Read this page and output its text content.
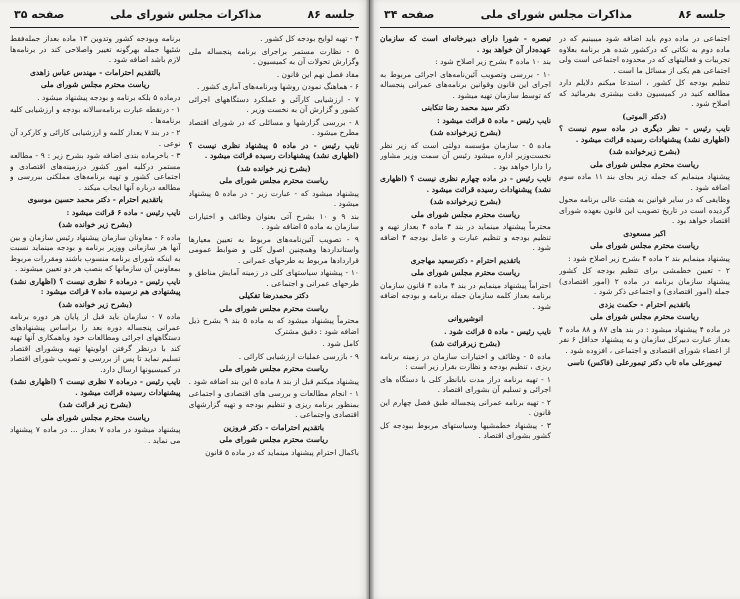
جلسه ۸۶
مذاکرات مجلس شورای ملی
صفحه ۳۵

۴ - تهیه لوایح بودجه کل کشور .

۵ - نظارت مستمر براجرای برنامه پنجساله ملی وگزارش تحولات آن به کمیسیون .

مفاد فصل نهم این قانون .

۶ - هماهنگ نمودن روشها وبرنامه‌های آماری کشور .

۷ - ارزشیابی کارآئی و عملکرد دستگاههای اجرائی کشور و گزارش آن به نخست وزیر .

۸ - بررسی گزارشها و مسائلی که در شورای اقتصاد مطرح میشود .

نایب رئیس - در ماده ۵ پیشنهاد نظری نیست ؟ (اظهاری نشد) پیشنهادات رسیده قرائت میشود .

(بشرح زیر خوانده شد)

ریاست محترم مجلس شورای ملی

پیشنهاد میشود که - عبارت زیر - در ماده ۵ پیشنهاد میشود .

بند ۹ و ۱۰ بشرح آتی بعنوان وظائف و اختیارات سازمان به ماده ۵ اضافه شود .

۹ - تصویب آئین‌نامه‌های مربوط به تعیین معیارها واستانداردها وهمچنین اصول کلی و ضوابط عمومی قراردادها مربوط به طرحهای عمرانی .

۱۰ - پیشنهاد سیاستهای کلی در زمینه آمایش مناطق و طرحهای عمرانی و اجتماعی .

دکتر محمدرضا تفکیلی

ریاست محترم مجلس شورای ملی

محترماً پیشنهاد میشود که به ماده ۵ بند ۹ بشرح ذیل اضافه شود : دقیق مشترک

کامل شود .

۹ - بازرسی عملیات ارزشیابی کارائی .

ریاست محترم مجلس شورای ملی

پیشنهاد میکنم قبل از بند ۸ ماده ۵ این بند اضافه شود .

۱ - انجام مطالعات و بررسی های اقتصادی و اجتماعی بمنظور برنامه ریزی و تنظیم بودجه و تهیه گزارشهای اقتصادی واجتماعی .

باتقدیم احترامات - دکتر فروزین

ریاست محترم مجلس شورای ملی

باکمال احترام پیشنهاد مینماید که در ماده ۵ قانون

برنامه وبودجه کشور وتدوین ۱۳ ماده بعداز جمله‌فقط شئیها جمله بهرگونه تغییر واصلاحی کند در برنامه‌ها لازم باشد اضافه شود .

بالتقدیم احترامات - مهندس عباس زاهدی

ریاست محترم مجلس شورای ملی

درماده ۵ بلکه برنامه و بودجه پیشنهاد میشود .

۱ - درنقطه عبارت برنامه‌سالانه بودجه و ارزشیابی کلیه برنامه‌ها .

۲ - در بند ۷ بعداز کلمه و ارزشیابی کارائی و کارکرد آن نوعی .

۳ - باخرماده بندی اضافه شود بشرح زیر : ۹ - مطالعه مستمر درکلیه امور کشور درزمینه‌های اقتصادی و اجتماعی کشور و تهیه برنامه‌های مملکتی ببررسی و مطالعه درباره آنها ایجاب میکند .

باتقدیم احترام - دکتر محمد حسین موسوی

نایب رئیس - ماده ۶ قرائت میشود :

(بشرح زیر خوانده شد)

ماده ۶ - معاونان سازمان پیشنهاد رئیس سازمان و بین آنها هر سازمانی ووزیر برنامه و بودجه مینماید نسبت به اینکه شورای برنامه منسوب باشند ومقررات مربوط بمعاونین آن سازمانها که بنصب هر دو تعیین میشوند .

نایب رئیس - درماده ۶ نظری نیست ؟ (اظهاری نشد) پیشنهادی هم نرسیده ماده ۷ قرائت میشود :

(بشرح زیر خوانده شد)

ماده ۷ - سازمان باید قبل از پایان هر دوره برنامه عمرانی پنجساله دوره بعد را براساس پیشنهادهای دستگاههای اجرائی ومطالعات خود وباهمکاری آنها تهیه کند با درنظر گرفتن اولویتها تهیه وبشورای اقتصاد تسلیم نماید تا پس از بررسی و تصویب شورای اقتصاد در کمیسیونها ارسال دارد.

نایب رئیس - درماده ۷ نظری نیست ؟ (اظهاری نشد) پیشنهادات رسیده قرائت میشود .

(بشرح زیر قرائت شد)

ریاست محترم مجلس شورای ملی

پیشنهاد میشود در ماده ۷ بعداز ... در ماده ۷ پیشنهاد می نماید .

جلسه ۸۶
مذاکرات مجلس شورای ملی
صفحه ۳۴

اجتماعی در ماده دوم باید اضافه شود میبینیم که در ماده دوم به نکاتی که درکشور شده هر برنامه بعلاوه تجربیات و فعالیتهای که در محدوده اجتماعی است ولی اجتماعی هم یکی از مسائل ما است .

تنظیم بودجه کل کشور ، استدعا میکنم دلایلم دارد مطالعه کنید در کمیسیون دقت بیشتری بفرمائید که اصلاح شود .

(دکتر الموتی)

نایب رئیس - نظر دیگری در ماده سوم نیست ؟ (اظهاری نشد) پیشنهادات رسیده قرائت میشود .

(بشرح زیرخوانده شد)

ریاست محترم مجلس شورای ملی

پیشنهاد مینمایم که جمله زیر بجای بند ۱۱ ماده سوم اضافه شود .

وظایفی که در سایر قوانین به هیئت عالی برنامه محول گردیده است در تاریخ تصویب این قانون بعهده شورای اقتصاد خواهد بود .

اکبر مسعودی

ریاست محترم مجلس شورای ملی

پیشنهاد مینمایم بند ۲ ماده ۴ بشرح زیر اصلاح شود :

۲ - تعیین خطمشی برای تنظیم بودجه کل کشور پیشنهاد سازمان برنامه در ماده ۲ (امور اقتصادی) جمله (امور اقتصادی) و اجتماعی ذکر شود .

باتقدیم احترام - حکمت یزدی

ریاست محترم مجلس شورای ملی

در ماده ۴ پیشنهاد میشود : در بند های ۸۷ و ۸۸ ماده ۴ بعداز عبارت دبیرکل سازمان و به پیشنهاد حداقل ۶ نفر از اعضاء شورای اقتصادی و اجتماعی ، افزوده شود .

تیمورعلی ماه تاب دکتر تیمورعلی (فاکس) ناسی

تبصره - شورا دارای دبیرخانه‌ای است که سازمان عهده‌دار آن خواهد بود .

بند ۱۰ ماده ۴ بشرح زیر اصلاح شود :

۱۰ - بررسی وتصویب آئین‌نامه‌های اجرائی مربوط به اجرای این قانون وقوانین برنامه‌های عمرانی پنجساله که توسط سازمان تهیه میشود .

دکتر سید محمد رضا تنکابنی

نایب رئیس - ماده ۵ قرائت میشود :

(بشرح زیرخوانده شد)

ماده ۵ - سازمان مؤسسه دولتی است که زیر نظر نخست‌وزیر اداره میشود رئیس آن سمت وزیر مشاور را دارا خواهد بود .

نایب رئیس - در ماده چهارم نظری نیست ؟ (اظهاری نشد) پیشنهادات رسیده قرائت میشود .

(بشرح زیرخوانده شد)

ریاست محترم مجلس شورای ملی

محترماً پیشنهاد مینماید در بند ۴ ماده ۴ بعداز تهیه و تنظیم بودجه و تنظیم عبارت و عامل بودجه ۴ اضافه شود .

باتقدیم احترام - دکترسعید مهاجری

ریاست محترم مجلس شورای ملی

احتراماً پیشنهاد مینمایم در بند ۴ ماده ۴ قانون سازمان برنامه بعداز کلمه سازمان جمله برنامه و بودجه اضافه شود .

انوشیروانی

نایب رئیس - ماده ۵ قرائت شود .

(بشرح زیرقرائت شد)

ماده ۵ - وظائف و اختیارات سازمان در زمینه برنامه ریزی ، تنظیم بودجه و نظارت بقرار زیر است :

۱ - تهیه برنامه دراز مدت بابانظر کلی با دستگاه های اجرائی و تسلیم آن بشورای اقتصاد .

۲ - تهیه برنامه عمرانی پنجساله طبق فصل چهارم این قانون .

۳ - پیشنهاد خطمشیها وسیاستهای مربوط ببودجه کل کشور بشورای اقتصاد .
